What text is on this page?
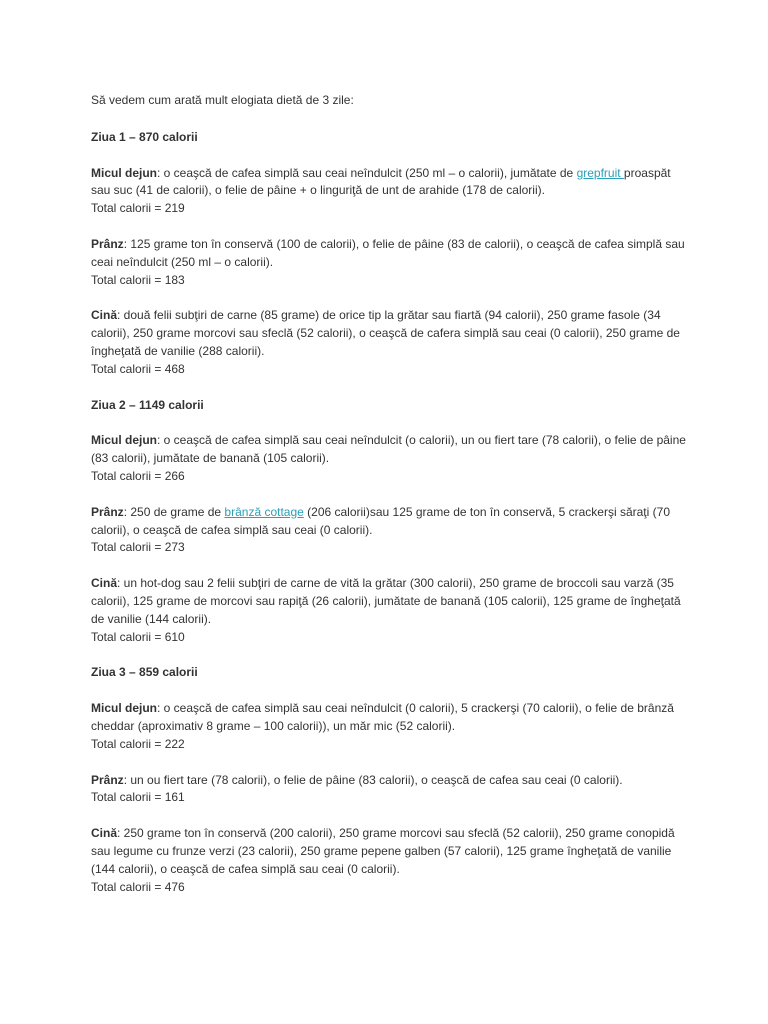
Să vedem cum arată mult elogiata dietă de 3 zile:

Ziua 1 – 870 calorii

Micul dejun: o ceaşcă de cafea simplă sau ceai neîndulcit (250 ml – o calorii), jumătate de grepfruit proaspăt sau suc (41 de calorii), o felie de pâine + o linguriţă de unt de arahide (178 de calorii).
Total calorii = 219

Prânz: 125 grame ton în conservă (100 de calorii), o felie de pâine (83 de calorii), o ceaşcă de cafea simplă sau ceai neîndulcit (250 ml – o calorii).
Total calorii = 183

Cină: două felii subţiri de carne (85 grame) de orice tip la grătar sau fiartă (94 calorii), 250 grame fasole (34 calorii), 250 grame morcovi sau sfeclă (52 calorii), o ceaşcă de cafera simplă sau ceai (0 calorii), 250 grame de îngheţată de vanilie (288 calorii).
Total calorii = 468

Ziua 2 – 1149 calorii

Micul dejun: o ceaşcă de cafea simplă sau ceai neîndulcit (o calorii), un ou fiert tare (78 calorii), o felie de pâine (83 calorii), jumătate de banană (105 calorii).
Total calorii = 266

Prânz: 250 de grame de brânză cottage (206 calorii)sau 125 grame de ton în conservă, 5 crackerşi săraţi (70 calorii), o ceaşcă de cafea simplă sau ceai (0 calorii).
Total calorii = 273

Cină: un hot-dog sau 2 felii subţiri de carne de vită la grătar (300 calorii), 250 grame de broccoli sau varză (35 calorii), 125 grame de morcovi sau rapiţă (26 calorii), jumătate de banană (105 calorii), 125 grame de îngheţată de vanilie (144 calorii).
Total calorii = 610

Ziua 3 – 859 calorii

Micul dejun: o ceaşcă de cafea simplă sau ceai neîndulcit (0 calorii), 5 crackerşi (70 calorii), o felie de brânză cheddar (aproximativ 8 grame – 100 calorii)), un măr mic (52 calorii).
Total calorii = 222

Prânz: un ou fiert tare (78 calorii), o felie de pâine (83 calorii), o ceaşcă de cafea sau ceai (0 calorii).
Total calorii = 161

Cină: 250 grame ton în conservă (200 calorii), 250 grame morcovi sau sfeclă (52 calorii), 250 grame conopidă sau legume cu frunze verzi (23 calorii), 250 grame pepene galben (57 calorii), 125 grame îngheţată de vanilie (144 calorii), o ceaşcă de cafea simplă sau ceai (0 calorii).
Total calorii = 476
